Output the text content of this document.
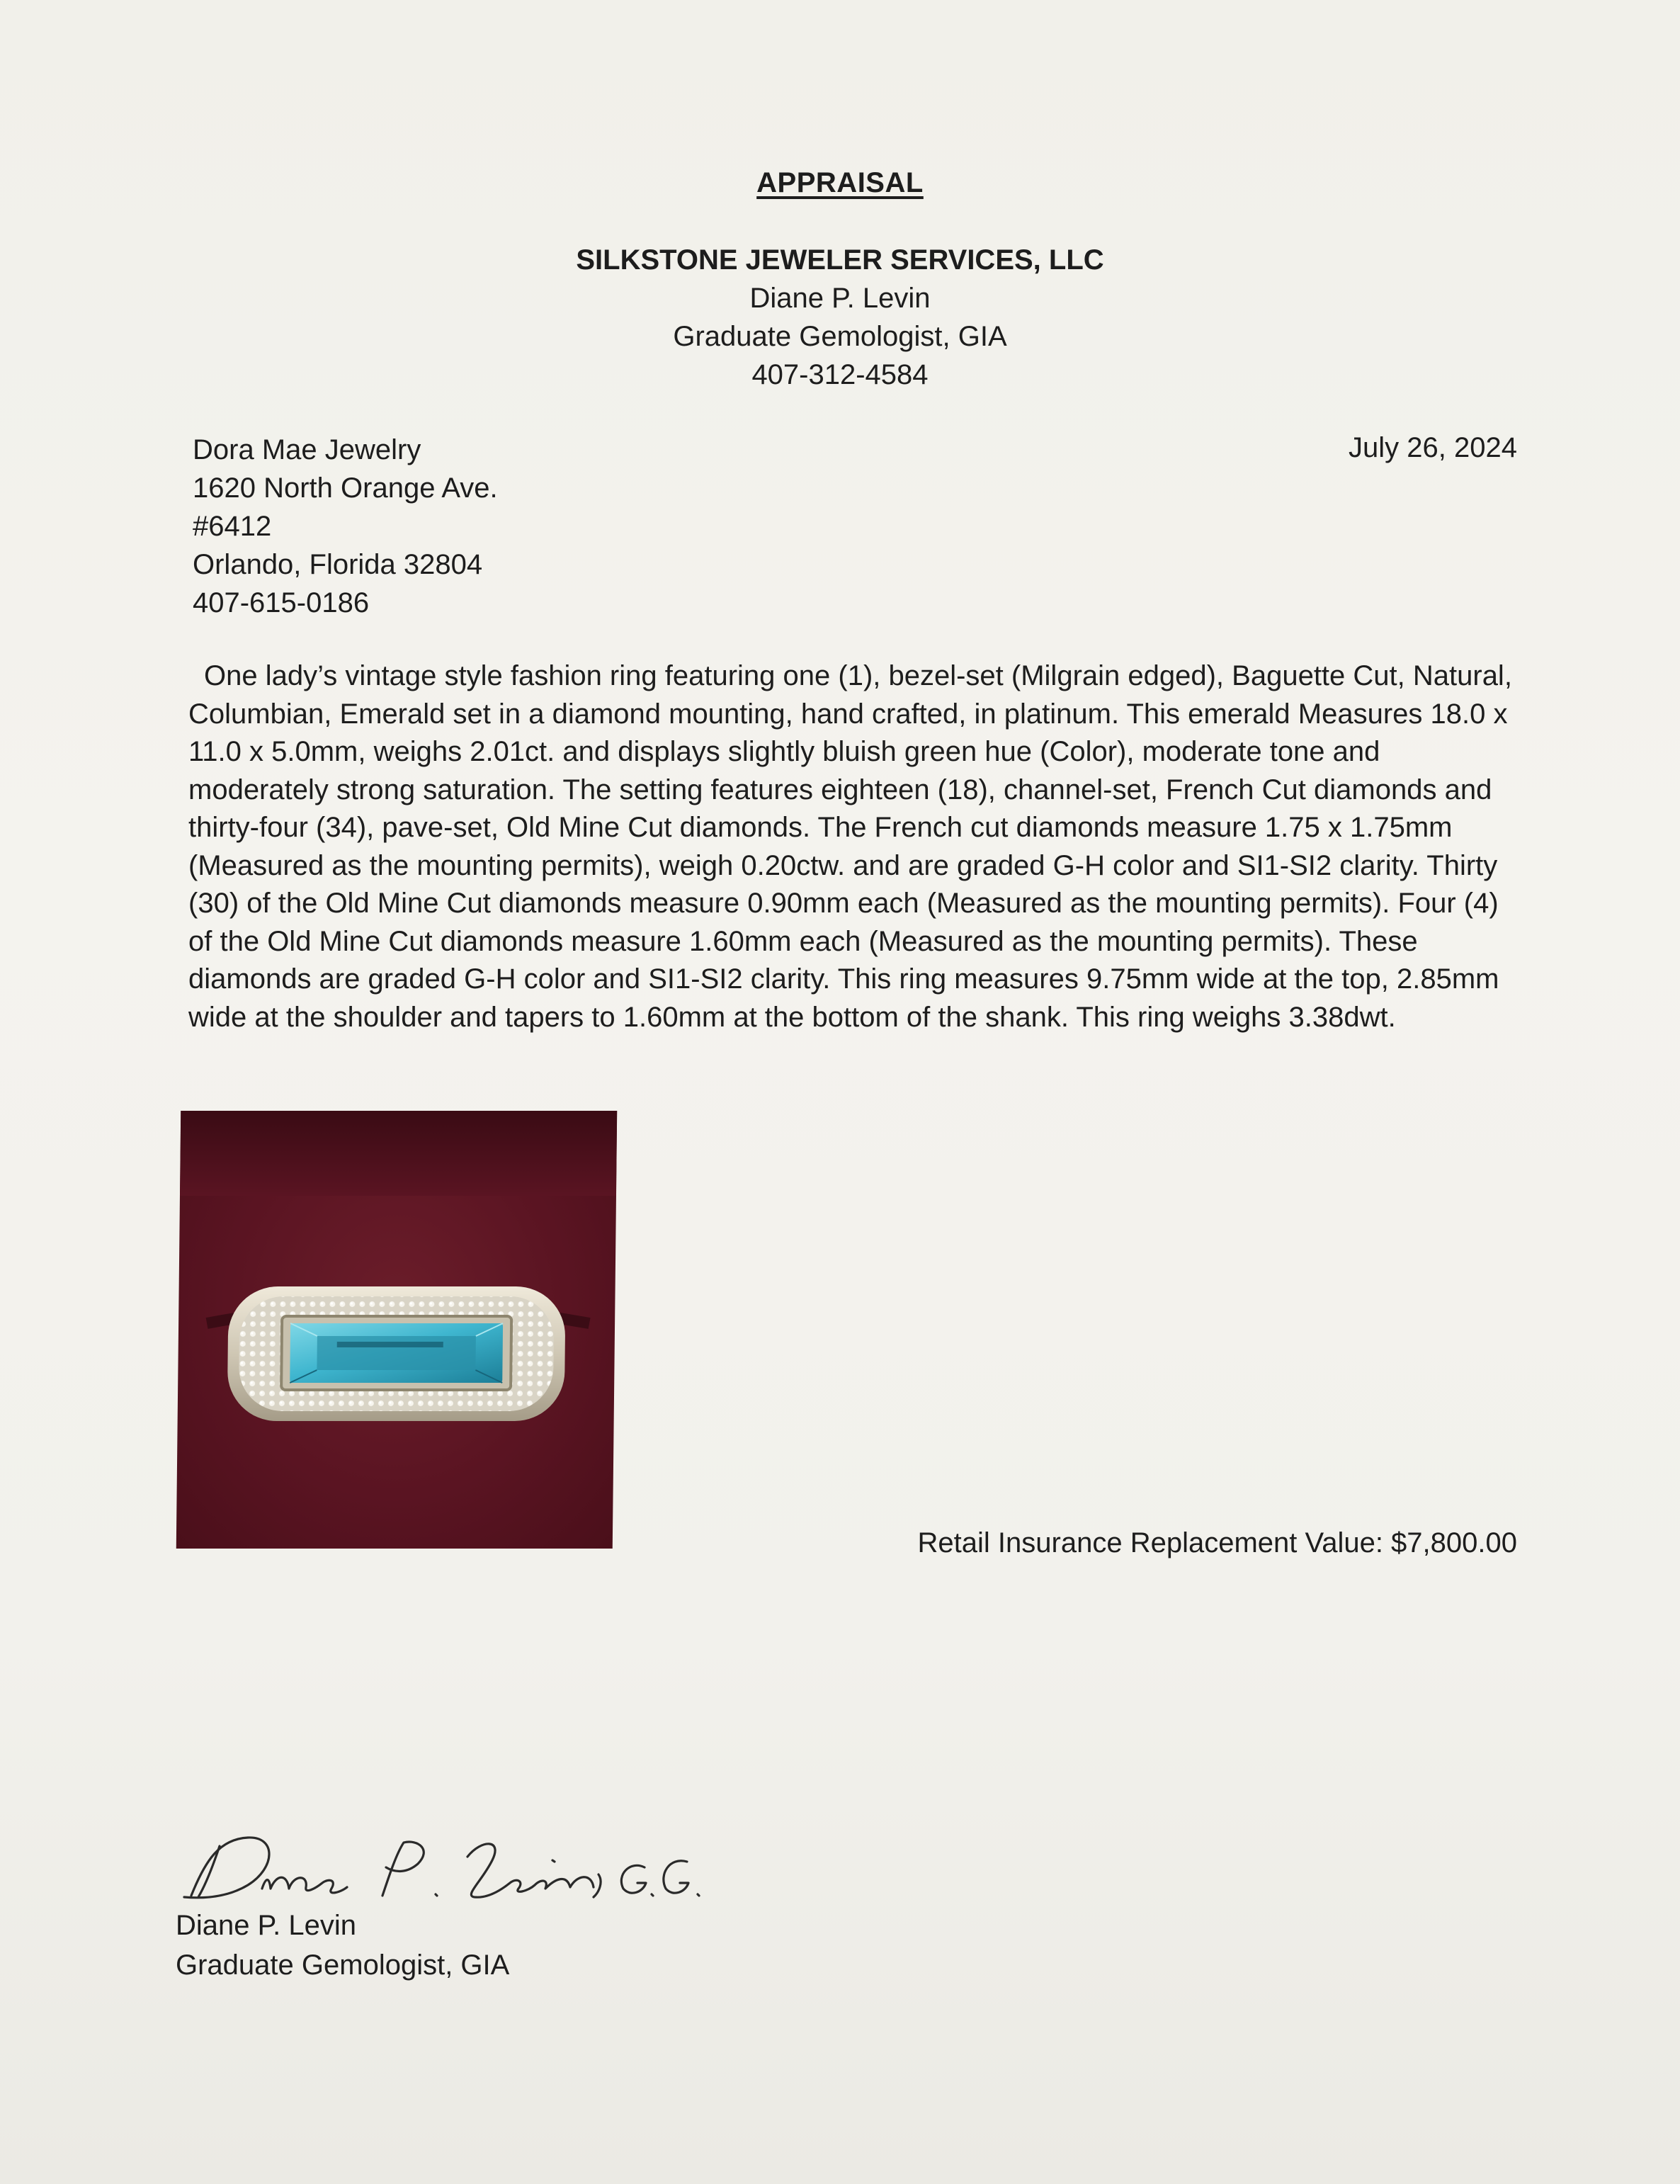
APPRAISAL
SILKSTONE JEWELER SERVICES, LLC
Diane P. Levin
Graduate Gemologist, GIA
407-312-4584
Dora Mae Jewelry
1620 North Orange Ave.
#6412
Orlando, Florida 32804
407-615-0186
July 26, 2024
One lady’s vintage style fashion ring featuring one (1), bezel-set (Milgrain edged), Baguette Cut, Natural, Columbian, Emerald set in a diamond mounting, hand crafted, in platinum. This emerald Measures 18.0 x 11.0 x 5.0mm, weighs 2.01ct. and displays slightly bluish green hue (Color), moderate tone and moderately strong saturation. The setting features eighteen (18), channel-set, French Cut diamonds and thirty-four (34), pave-set, Old Mine Cut diamonds. The French cut diamonds measure 1.75 x 1.75mm (Measured as the mounting permits), weigh 0.20ctw. and are graded G-H color and SI1-SI2 clarity. Thirty (30) of the Old Mine Cut diamonds measure 0.90mm each (Measured as the mounting permits). Four (4) of the Old Mine Cut diamonds measure 1.60mm each (Measured as the mounting permits). These diamonds are graded G-H color and SI1-SI2 clarity. This ring measures 9.75mm wide at the top, 2.85mm wide at the shoulder and tapers to 1.60mm at the bottom of the shank. This ring weighs 3.38dwt.
Retail Insurance Replacement Value: $7,800.00
Diane P. Levin
Graduate Gemologist, GIA
